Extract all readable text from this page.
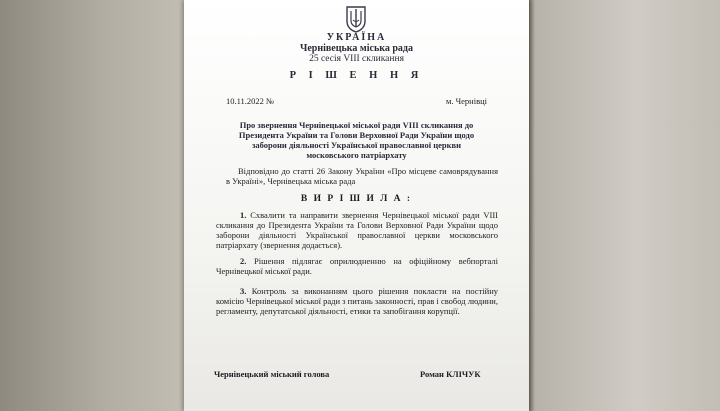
УКРАЇНА
Чернівецька міська рада
25 сесія VIII скликання
Р І Ш Е Н Н Я
10.11.2022 №	м. Чернівці
Про звернення Чернівецької міської ради VIII скликання до Президента України та Голови Верховної Ради України щодо заборони діяльності Української православної церкви московського патріархату
Відповідно до статті 26 Закону України «Про місцеве самоврядування в Україні», Чернівецька міська рада
В И Р І Ш И Л А :
1. Схвалити та направити звернення Чернівецької міської ради VIII скликання до Президента України та Голови Верховної Ради України щодо заборони діяльності Української православної церкви московського патріархату (звернення додається).
2. Рішення підлягає оприлюдненню на офіційному вебпорталі Чернівецької міської ради.
3. Контроль за виконанням цього рішення покласти на постійну комісію Чернівецької міської ради з питань законності, прав і свобод людини, регламенту, депутатської діяльності, етики та запобігання корупції.
Чернівецький міський голова	Роман КЛІЧУК
